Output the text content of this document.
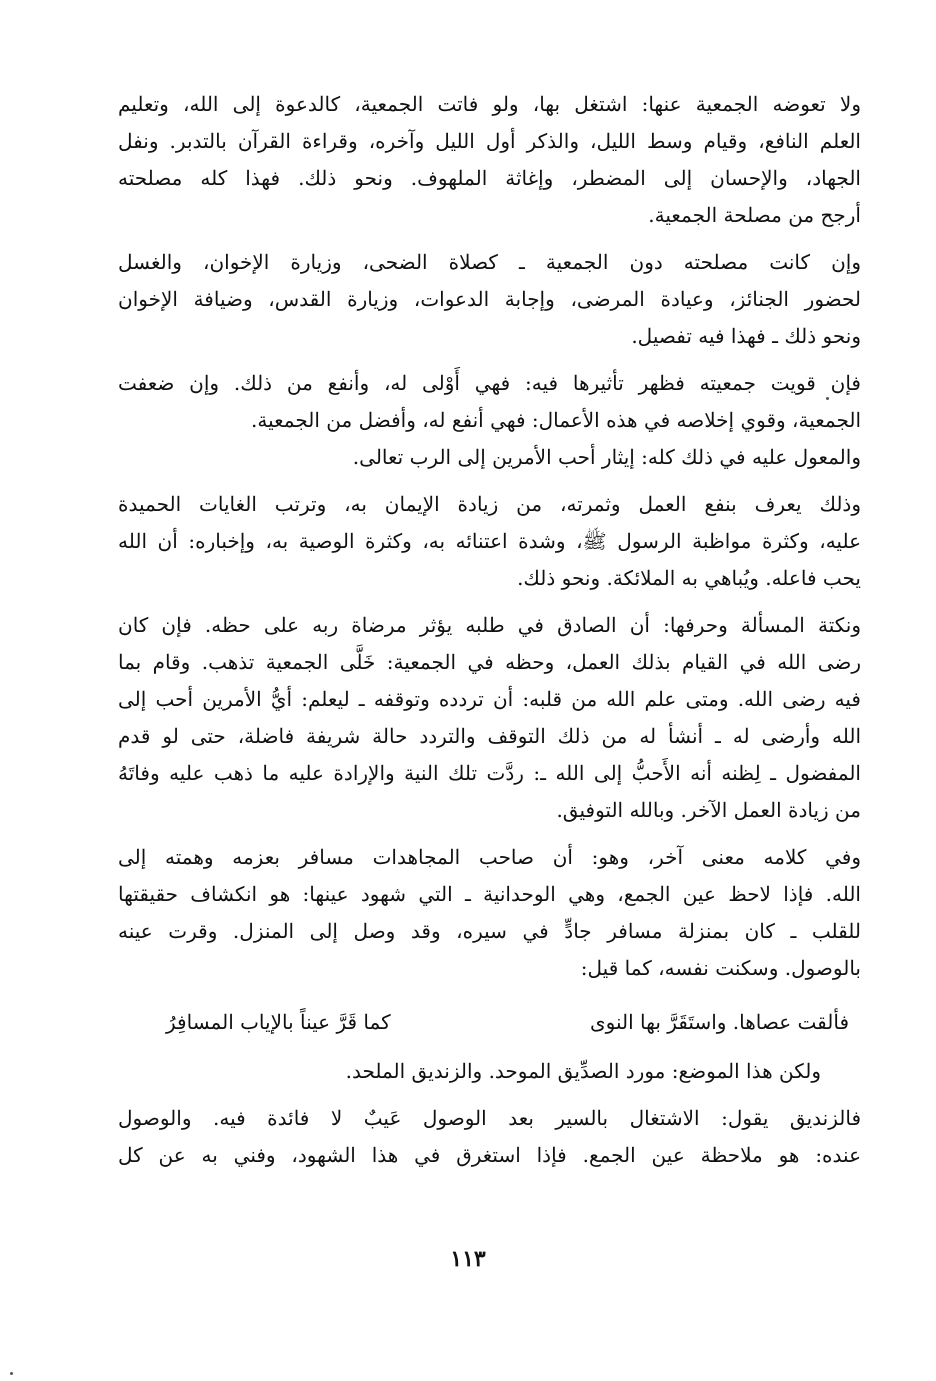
ولا تعوضه الجمعية عنها: اشتغل بها، ولو فاتت الجمعية، كالدعوة إلى الله، وتعليم
العلم النافع، وقيام وسط الليل، والذكر أول الليل وآخره، وقراءة القرآن بالتدبر. ونفل
الجهاد، والإحسان إلى المضطر، وإغاثة الملهوف. ونحو ذلك. فهذا كله مصلحته
أرجح من مصلحة الجمعية.
وإن كانت مصلحته دون الجمعية ـ كصلاة الضحى، وزيارة الإخوان، والغسل
لحضور الجنائز، وعيادة المرضى، وإجابة الدعوات، وزيارة القدس، وضيافة الإخوان
ونحو ذلك ـ فهذا فيه تفصيل.
فإن قويت جمعيته فظهر تأثيرها فيه: فهي أَوْلى له، وأنفع من ذلك. وإن ضعفت
الجمعية، وقوي إخلاصه في هذه الأعمال: فهي أنفع له، وأفضل من الجمعية.
والمعول عليه في ذلك كله: إيثار أحب الأمرين إلى الرب تعالى.
وذلك يعرف بنفع العمل وثمرته، من زيادة الإيمان به، وترتب الغايات الحميدة
عليه، وكثرة مواظبة الرسول ﷺ، وشدة اعتنائه به، وكثرة الوصية به، وإخباره: أن الله
يحب فاعله. ويُباهي به الملائكة. ونحو ذلك.
ونكتة المسألة وحرفها: أن الصادق في طلبه يؤثر مرضاة ربه على حظه. فإن كان
رضى الله في القيام بذلك العمل، وحظه في الجمعية: خَلَّى الجمعية تذهب. وقام بما
فيه رضى الله. ومتى علم الله من قلبه: أن تردده وتوقفه ـ ليعلم: أيُّ الأمرين أحب إلى
الله وأرضى له ـ أنشأ له من ذلك التوقف والتردد حالة شريفة فاضلة، حتى لو قدم
المفضول ـ لِظنه أنه الأَحبُّ إلى الله ـ: ردَّت تلك النية والإرادة عليه ما ذهب عليه وفاتَهُ
من زيادة العمل الآخر. وبالله التوفيق.
وفي كلامه معنى آخر، وهو: أن صاحب المجاهدات مسافر بعزمه وهمته إلى
الله. فإذا لاحظ عين الجمع، وهي الوحدانية ـ التي شهود عينها: هو انكشاف حقيقتها
للقلب ـ كان بمنزلة مسافر جادٍّ في سيره، وقد وصل إلى المنزل. وقرت عينه
بالوصول. وسكنت نفسه، كما قيل:
فألقت عصاها. واستَقَرَّ بها النوى
كما قَرَّ عيناً بالإياب المسافِرُ
ولكن هذا الموضع: مورد الصدِّيق الموحد. والزنديق الملحد.
فالزنديق يقول: الاشتغال بالسير بعد الوصول عَيبٌ لا فائدة فيه. والوصول
عنده: هو ملاحظة عين الجمع. فإذا استغرق في هذا الشهود، وفني به عن كل
١١٣
